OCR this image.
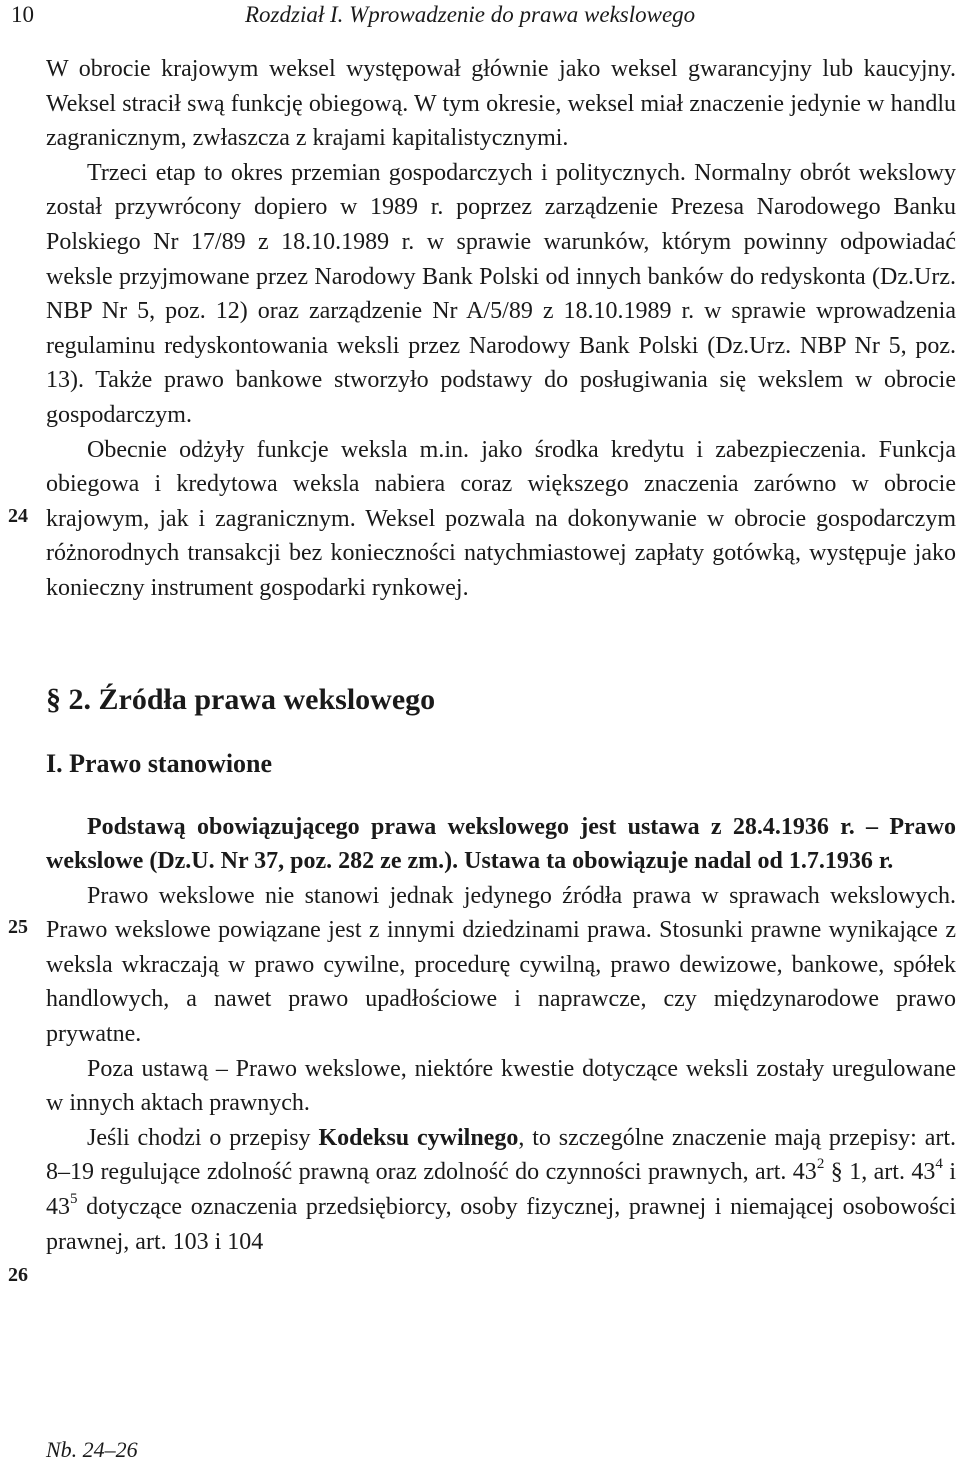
10	Rozdział I. Wprowadzenie do prawa wekslowego
24
25
26

W obrocie krajowym weksel występował głównie jako weksel gwarancyjny lub kaucyjny. Weksel stracił swą funkcję obiegową. W tym okresie, weksel miał znaczenie jedynie w handlu zagranicznym, zwłaszcza z krajami kapitalistycznymi.

Trzeci etap to okres przemian gospodarczych i politycznych. Normalny obrót wekslowy został przywrócony dopiero w 1989 r. poprzez zarządzenie Prezesa Narodowego Banku Polskiego Nr 17/89 z 18.10.1989 r. w sprawie warunków, którym powinny odpowiadać weksle przyjmowane przez Narodowy Bank Polski od innych banków do redyskonta (Dz.Urz. NBP Nr 5, poz. 12) oraz zarządzenie Nr A/5/89 z 18.10.1989 r. w sprawie wprowadzenia regulaminu redyskontowania weksli przez Narodowy Bank Polski (Dz.Urz. NBP Nr 5, poz. 13). Także prawo bankowe stworzyło podstawy do posługiwania się wekslem w obrocie gospodarczym.

Obecnie odżyły funkcje weksla m.in. jako środka kredytu i zabezpieczenia. Funkcja obiegowa i kredytowa weksla nabiera coraz większego znaczenia zarówno w obrocie krajowym, jak i zagranicznym. Weksel pozwala na dokonywanie w obrocie gospodarczym różnorodnych transakcji bez konieczności natychmiastowej zapłaty gotówką, występuje jako konieczny instrument gospodarki rynkowej.

§ 2. Źródła prawa wekslowego

I. Prawo stanowione

Podstawą obowiązującego prawa wekslowego jest ustawa z 28.4.1936 r. – Prawo wekslowe (Dz.U. Nr 37, poz. 282 ze zm.). Ustawa ta obowiązuje nadal od 1.7.1936 r.

Prawo wekslowe nie stanowi jednak jedynego źródła prawa w sprawach wekslowych. Prawo wekslowe powiązane jest z innymi dziedzinami prawa. Stosunki prawne wynikające z weksla wkraczają w prawo cywilne, procedurę cywilną, prawo dewizowe, bankowe, spółek handlowych, a nawet prawo upadłościowe i naprawcze, czy międzynarodowe prawo prywatne.

Poza ustawą – Prawo wekslowe, niektóre kwestie dotyczące weksli zostały uregulowane w innych aktach prawnych.

Jeśli chodzi o przepisy Kodeksu cywilnego, to szczególne znaczenie mają przepisy: art. 8–19 regulujące zdolność prawną oraz zdolność do czynności prawnych, art. $43^2$ § 1, art. $43^4$ i $43^5$ dotyczące oznaczenia przedsiębiorcy, osoby fizycznej, prawnej i niemającej osobowości prawnej, art. 103 i 104

Nb. 24–26
